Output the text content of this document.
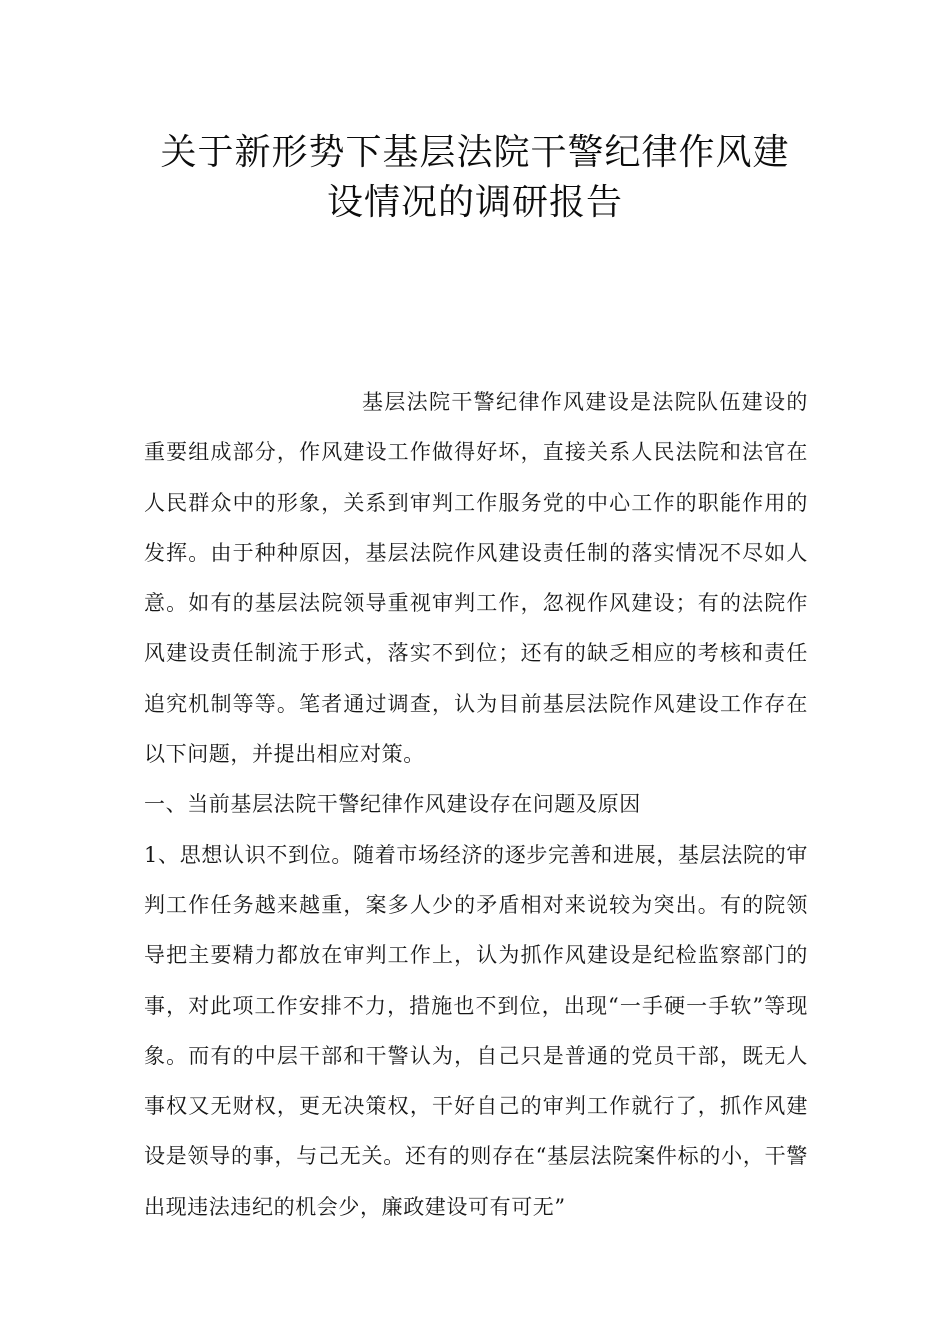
关于新形势下基层法院干警纪律作风建
设情况的调研报告

基层法院干警纪律作风建设是法院队伍建设的重要组成部分，作风建设工作做得好坏，直接关系人民法院和法官在人民群众中的形象，关系到审判工作服务党的中心工作的职能作用的发挥。由于种种原因，基层法院作风建设责任制的落实情况不尽如人意。如有的基层法院领导重视审判工作，忽视作风建设；有的法院作风建设责任制流于形式，落实不到位；还有的缺乏相应的考核和责任追究机制等等。笔者通过调查，认为目前基层法院作风建设工作存在以下问题，并提出相应对策。

一、当前基层法院干警纪律作风建设存在问题及原因

1、思想认识不到位。随着市场经济的逐步完善和进展，基层法院的审判工作任务越来越重，案多人少的矛盾相对来说较为突出。有的院领导把主要精力都放在审判工作上，认为抓作风建设是纪检监察部门的事，对此项工作安排不力，措施也不到位，出现“一手硬一手软”等现象。而有的中层干部和干警认为，自己只是普通的党员干部，既无人事权又无财权，更无决策权，干好自己的审判工作就行了，抓作风建设是领导的事，与己无关。还有的则存在“基层法院案件标的小，干警出现违法违纪的机会少，廉政建设可有可无”
